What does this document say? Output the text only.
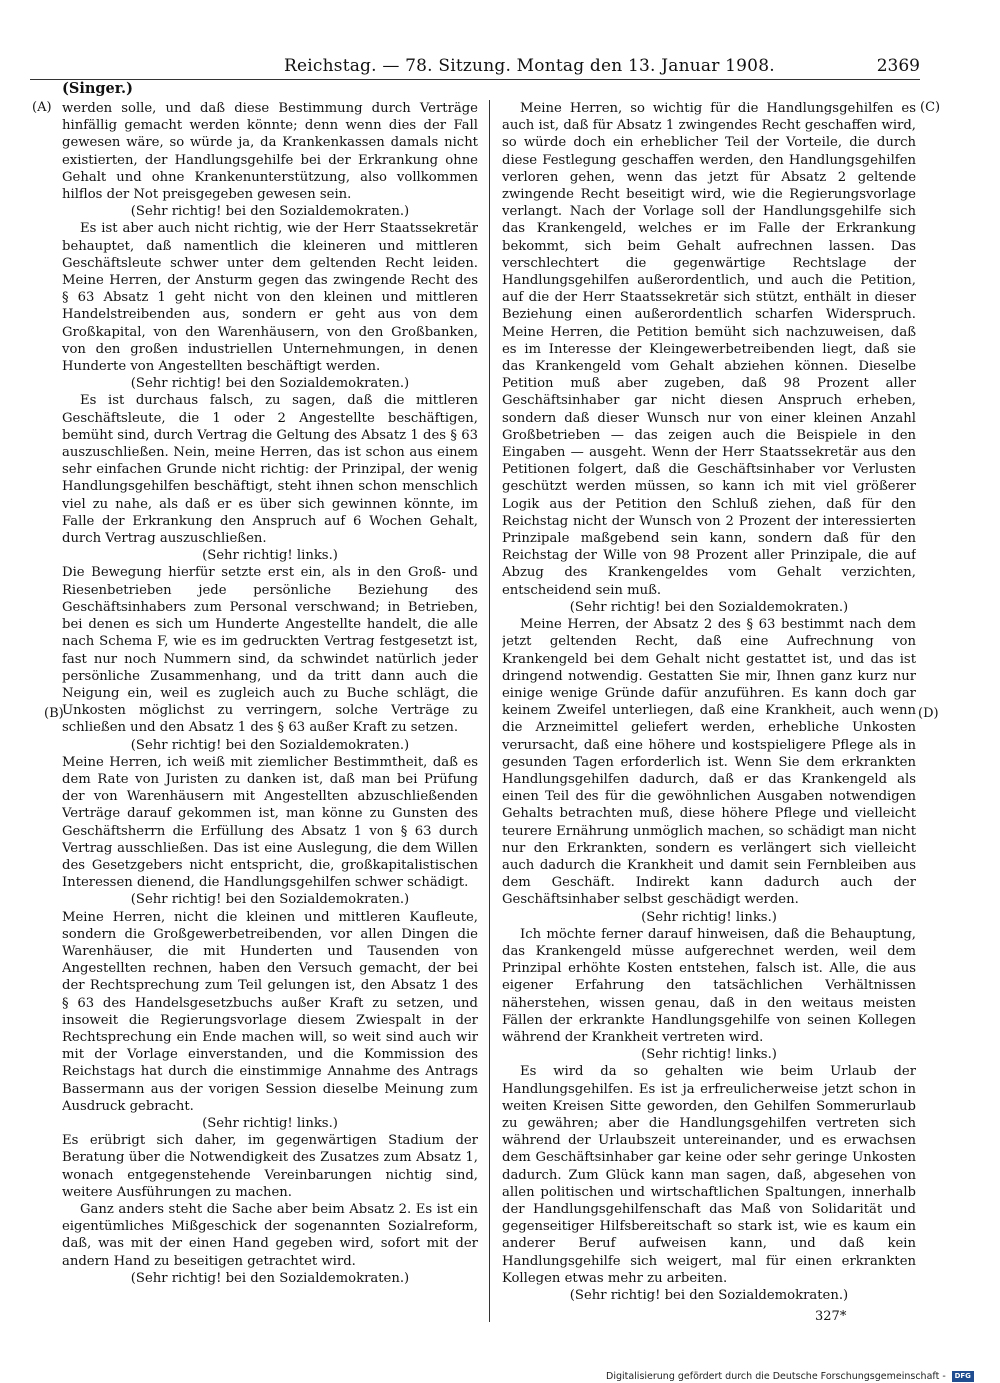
Reichstag. — 78. Sitzung. Montag den 13. Januar 1908.	2369
(Singer.)
(A)
(B)
(C)
(D)

werden solle, und daß diese Bestimmung durch Verträge hinfällig gemacht werden könnte; denn wenn dies der Fall gewesen wäre, so würde ja, da Krankenkassen damals nicht existierten, der Handlungsgehilfe bei der Erkrankung ohne Gehalt und ohne Krankenunterstützung, also vollkommen hilflos der Not preisgegeben gewesen sein.

(Sehr richtig! bei den Sozialdemokraten.)

Es ist aber auch nicht richtig, wie der Herr Staatssekretär behauptet, daß namentlich die kleineren und mittleren Geschäftsleute schwer unter dem geltenden Recht leiden. Meine Herren, der Ansturm gegen das zwingende Recht des § 63 Absatz 1 geht nicht von den kleinen und mittleren Handelstreibenden aus, sondern er geht aus von dem Großkapital, von den Warenhäusern, von den Großbanken, von den großen industriellen Unternehmungen, in denen Hunderte von Angestellten beschäftigt werden.

(Sehr richtig! bei den Sozialdemokraten.)

Es ist durchaus falsch, zu sagen, daß die mittleren Geschäftsleute, die 1 oder 2 Angestellte beschäftigen, bemüht sind, durch Vertrag die Geltung des Absatz 1 des § 63 auszuschließen. Nein, meine Herren, das ist schon aus einem sehr einfachen Grunde nicht richtig: der Prinzipal, der wenig Handlungsgehilfen beschäftigt, steht ihnen schon menschlich viel zu nahe, als daß er es über sich gewinnen könnte, im Falle der Erkrankung den Anspruch auf 6 Wochen Gehalt, durch Vertrag auszuschließen.

(Sehr richtig! links.)

Die Bewegung hierfür setzte erst ein, als in den Groß- und Riesenbetrieben jede persönliche Beziehung des Geschäftsinhabers zum Personal verschwand; in Betrieben, bei denen es sich um Hunderte Angestellte handelt, die alle nach Schema F, wie es im gedruckten Vertrag festgesetzt ist, fast nur noch Nummern sind, da schwindet natürlich jeder persönliche Zusammenhang, und da tritt dann auch die Neigung ein, weil es zugleich auch zu Buche schlägt, die Unkosten möglichst zu verringern, solche Verträge zu schließen und den Absatz 1 des § 63 außer Kraft zu setzen.

(Sehr richtig! bei den Sozialdemokraten.)

Meine Herren, ich weiß mit ziemlicher Bestimmtheit, daß es dem Rate von Juristen zu danken ist, daß man bei Prüfung der von Warenhäusern mit Angestellten abzuschließenden Verträge darauf gekommen ist, man könne zu Gunsten des Geschäftsherrn die Erfüllung des Absatz 1 von § 63 durch Vertrag ausschließen. Das ist eine Auslegung, die dem Willen des Gesetzgebers nicht entspricht, die, großkapitalistischen Interessen dienend, die Handlungsgehilfen schwer schädigt.

(Sehr richtig! bei den Sozialdemokraten.)

Meine Herren, nicht die kleinen und mittleren Kaufleute, sondern die Großgewerbetreibenden, vor allen Dingen die Warenhäuser, die mit Hunderten und Tausenden von Angestellten rechnen, haben den Versuch gemacht, der bei der Rechtsprechung zum Teil gelungen ist, den Absatz 1 des § 63 des Handelsgesetzbuchs außer Kraft zu setzen, und insoweit die Regierungsvorlage diesem Zwiespalt in der Rechtsprechung ein Ende machen will, so weit sind auch wir mit der Vorlage einverstanden, und die Kommission des Reichstags hat durch die einstimmige Annahme des Antrags Bassermann aus der vorigen Session dieselbe Meinung zum Ausdruck gebracht.

(Sehr richtig! links.)

Es erübrigt sich daher, im gegenwärtigen Stadium der Beratung über die Notwendigkeit des Zusatzes zum Absatz 1, wonach entgegenstehende Vereinbarungen nichtig sind, weitere Ausführungen zu machen.

Ganz anders steht die Sache aber beim Absatz 2. Es ist ein eigentümliches Mißgeschick der sogenannten Sozialreform, daß, was mit der einen Hand gegeben wird, sofort mit der andern Hand zu beseitigen getrachtet wird.

(Sehr richtig! bei den Sozialdemokraten.)

Meine Herren, so wichtig für die Handlungsgehilfen es auch ist, daß für Absatz 1 zwingendes Recht geschaffen wird, so würde doch ein erheblicher Teil der Vorteile, die durch diese Festlegung geschaffen werden, den Handlungsgehilfen verloren gehen, wenn das jetzt für Absatz 2 geltende zwingende Recht beseitigt wird, wie die Regierungsvorlage verlangt. Nach der Vorlage soll der Handlungsgehilfe sich das Krankengeld, welches er im Falle der Erkrankung bekommt, sich beim Gehalt aufrechnen lassen. Das verschlechtert die gegenwärtige Rechtslage der Handlungsgehilfen außerordentlich, und auch die Petition, auf die der Herr Staatssekretär sich stützt, enthält in dieser Beziehung einen außerordentlich scharfen Widerspruch. Meine Herren, die Petition bemüht sich nachzuweisen, daß es im Interesse der Kleingewerbetreibenden liegt, daß sie das Krankengeld vom Gehalt abziehen können. Dieselbe Petition muß aber zugeben, daß 98 Prozent aller Geschäftsinhaber gar nicht diesen Anspruch erheben, sondern daß dieser Wunsch nur von einer kleinen Anzahl Großbetrieben — das zeigen auch die Beispiele in den Eingaben — ausgeht. Wenn der Herr Staatssekretär aus den Petitionen folgert, daß die Geschäftsinhaber vor Verlusten geschützt werden müssen, so kann ich mit viel größerer Logik aus der Petition den Schluß ziehen, daß für den Reichstag nicht der Wunsch von 2 Prozent der interessierten Prinzipale maßgebend sein kann, sondern daß für den Reichstag der Wille von 98 Prozent aller Prinzipale, die auf Abzug des Krankengeldes vom Gehalt verzichten, entscheidend sein muß.

(Sehr richtig! bei den Sozialdemokraten.)

Meine Herren, der Absatz 2 des § 63 bestimmt nach dem jetzt geltenden Recht, daß eine Aufrechnung von Krankengeld bei dem Gehalt nicht gestattet ist, und das ist dringend notwendig. Gestatten Sie mir, Ihnen ganz kurz nur einige wenige Gründe dafür anzuführen. Es kann doch gar keinem Zweifel unterliegen, daß eine Krankheit, auch wenn die Arzneimittel geliefert werden, erhebliche Unkosten verursacht, daß eine höhere und kostspieligere Pflege als in gesunden Tagen erforderlich ist. Wenn Sie dem erkrankten Handlungsgehilfen dadurch, daß er das Krankengeld als einen Teil des für die gewöhnlichen Ausgaben notwendigen Gehalts betrachten muß, diese höhere Pflege und vielleicht teurere Ernährung unmöglich machen, so schädigt man nicht nur den Erkrankten, sondern es verlängert sich vielleicht auch dadurch die Krankheit und damit sein Fernbleiben aus dem Geschäft. Indirekt kann dadurch auch der Geschäftsinhaber selbst geschädigt werden.

(Sehr richtig! links.)

Ich möchte ferner darauf hinweisen, daß die Behauptung, das Krankengeld müsse aufgerechnet werden, weil dem Prinzipal erhöhte Kosten entstehen, falsch ist. Alle, die aus eigener Erfahrung den tatsächlichen Verhältnissen näherstehen, wissen genau, daß in den weitaus meisten Fällen der erkrankte Handlungsgehilfe von seinen Kollegen während der Krankheit vertreten wird.

(Sehr richtig! links.)

Es wird da so gehalten wie beim Urlaub der Handlungsgehilfen. Es ist ja erfreulicherweise jetzt schon in weiten Kreisen Sitte geworden, den Gehilfen Sommerurlaub zu gewähren; aber die Handlungsgehilfen vertreten sich während der Urlaubszeit untereinander, und es erwachsen dem Geschäftsinhaber gar keine oder sehr geringe Unkosten dadurch. Zum Glück kann man sagen, daß, abgesehen von allen politischen und wirtschaftlichen Spaltungen, innerhalb der Handlungsgehilfenschaft das Maß von Solidarität und gegenseitiger Hilfsbereitschaft so stark ist, wie es kaum ein anderer Beruf aufweisen kann, und daß kein Handlungsgehilfe sich weigert, mal für einen erkrankten Kollegen etwas mehr zu arbeiten.

(Sehr richtig! bei den Sozialdemokraten.)

327*
Digitalisierung gefördert durch die Deutsche Forschungsgemeinschaft -	DFG
